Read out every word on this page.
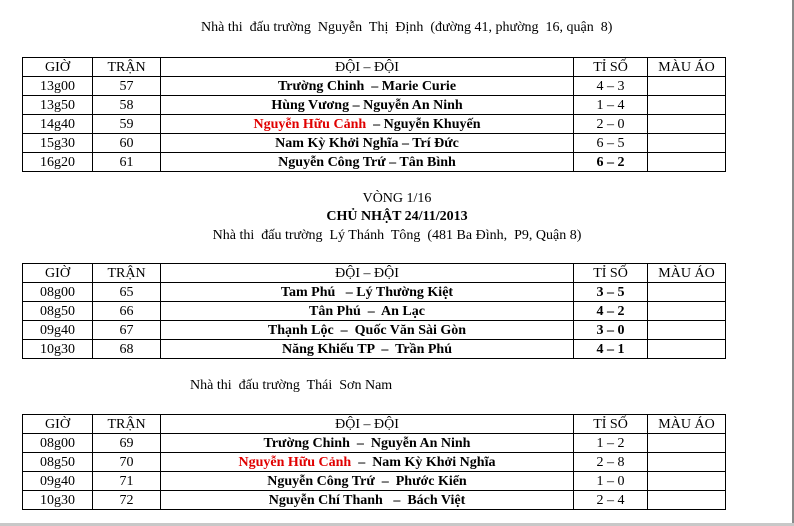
Nhà thi  đấu trường  Nguyễn  Thị  Định  (đường 41, phường  16, quận  8)
GIỜ	TRẬN	ĐỘI – ĐỘI	TỈ SỐ	MÀU ÁO
13g00	57	Trường Chinh  – Marie Curie	4 – 3	
13g50	58	Hùng Vương – Nguyễn An Ninh	1 – 4	
14g40	59	Nguyễn Hữu Cảnh  – Nguyễn Khuyến	2 – 0	
15g30	60	Nam Kỳ Khởi Nghĩa – Trí Đức	6 – 5	
16g20	61	Nguyễn Công Trứ – Tân Bình	6 – 2	
VÒNG 1/16
CHỦ NHẬT 24/11/2013
Nhà thi  đấu trường  Lý Thánh  Tông  (481 Ba Đình,  P9, Quận 8)
GIỜ	TRẬN	ĐỘI – ĐỘI	TỈ SỐ	MÀU ÁO
08g00	65	Tam Phú   – Lý Thường Kiệt	3 – 5	
08g50	66	Tân Phú  –  An Lạc	4 – 2	
09g40	67	Thạnh Lộc  –  Quốc Văn Sài Gòn	3 – 0	
10g30	68	Năng Khiếu TP  –  Trần Phú	4 – 1	
Nhà thi  đấu trường  Thái  Sơn Nam
GIỜ	TRẬN	ĐỘI – ĐỘI	TỈ SỐ	MÀU ÁO
08g00	69	Trường Chinh  –  Nguyễn An Ninh	1 – 2	
08g50	70	Nguyễn Hữu Cảnh  –  Nam Kỳ Khởi Nghĩa	2 – 8	
09g40	71	Nguyễn Công Trứ  –  Phước Kiển	1 – 0	
10g30	72	Nguyễn Chí Thanh   –  Bách Việt	2 – 4	
